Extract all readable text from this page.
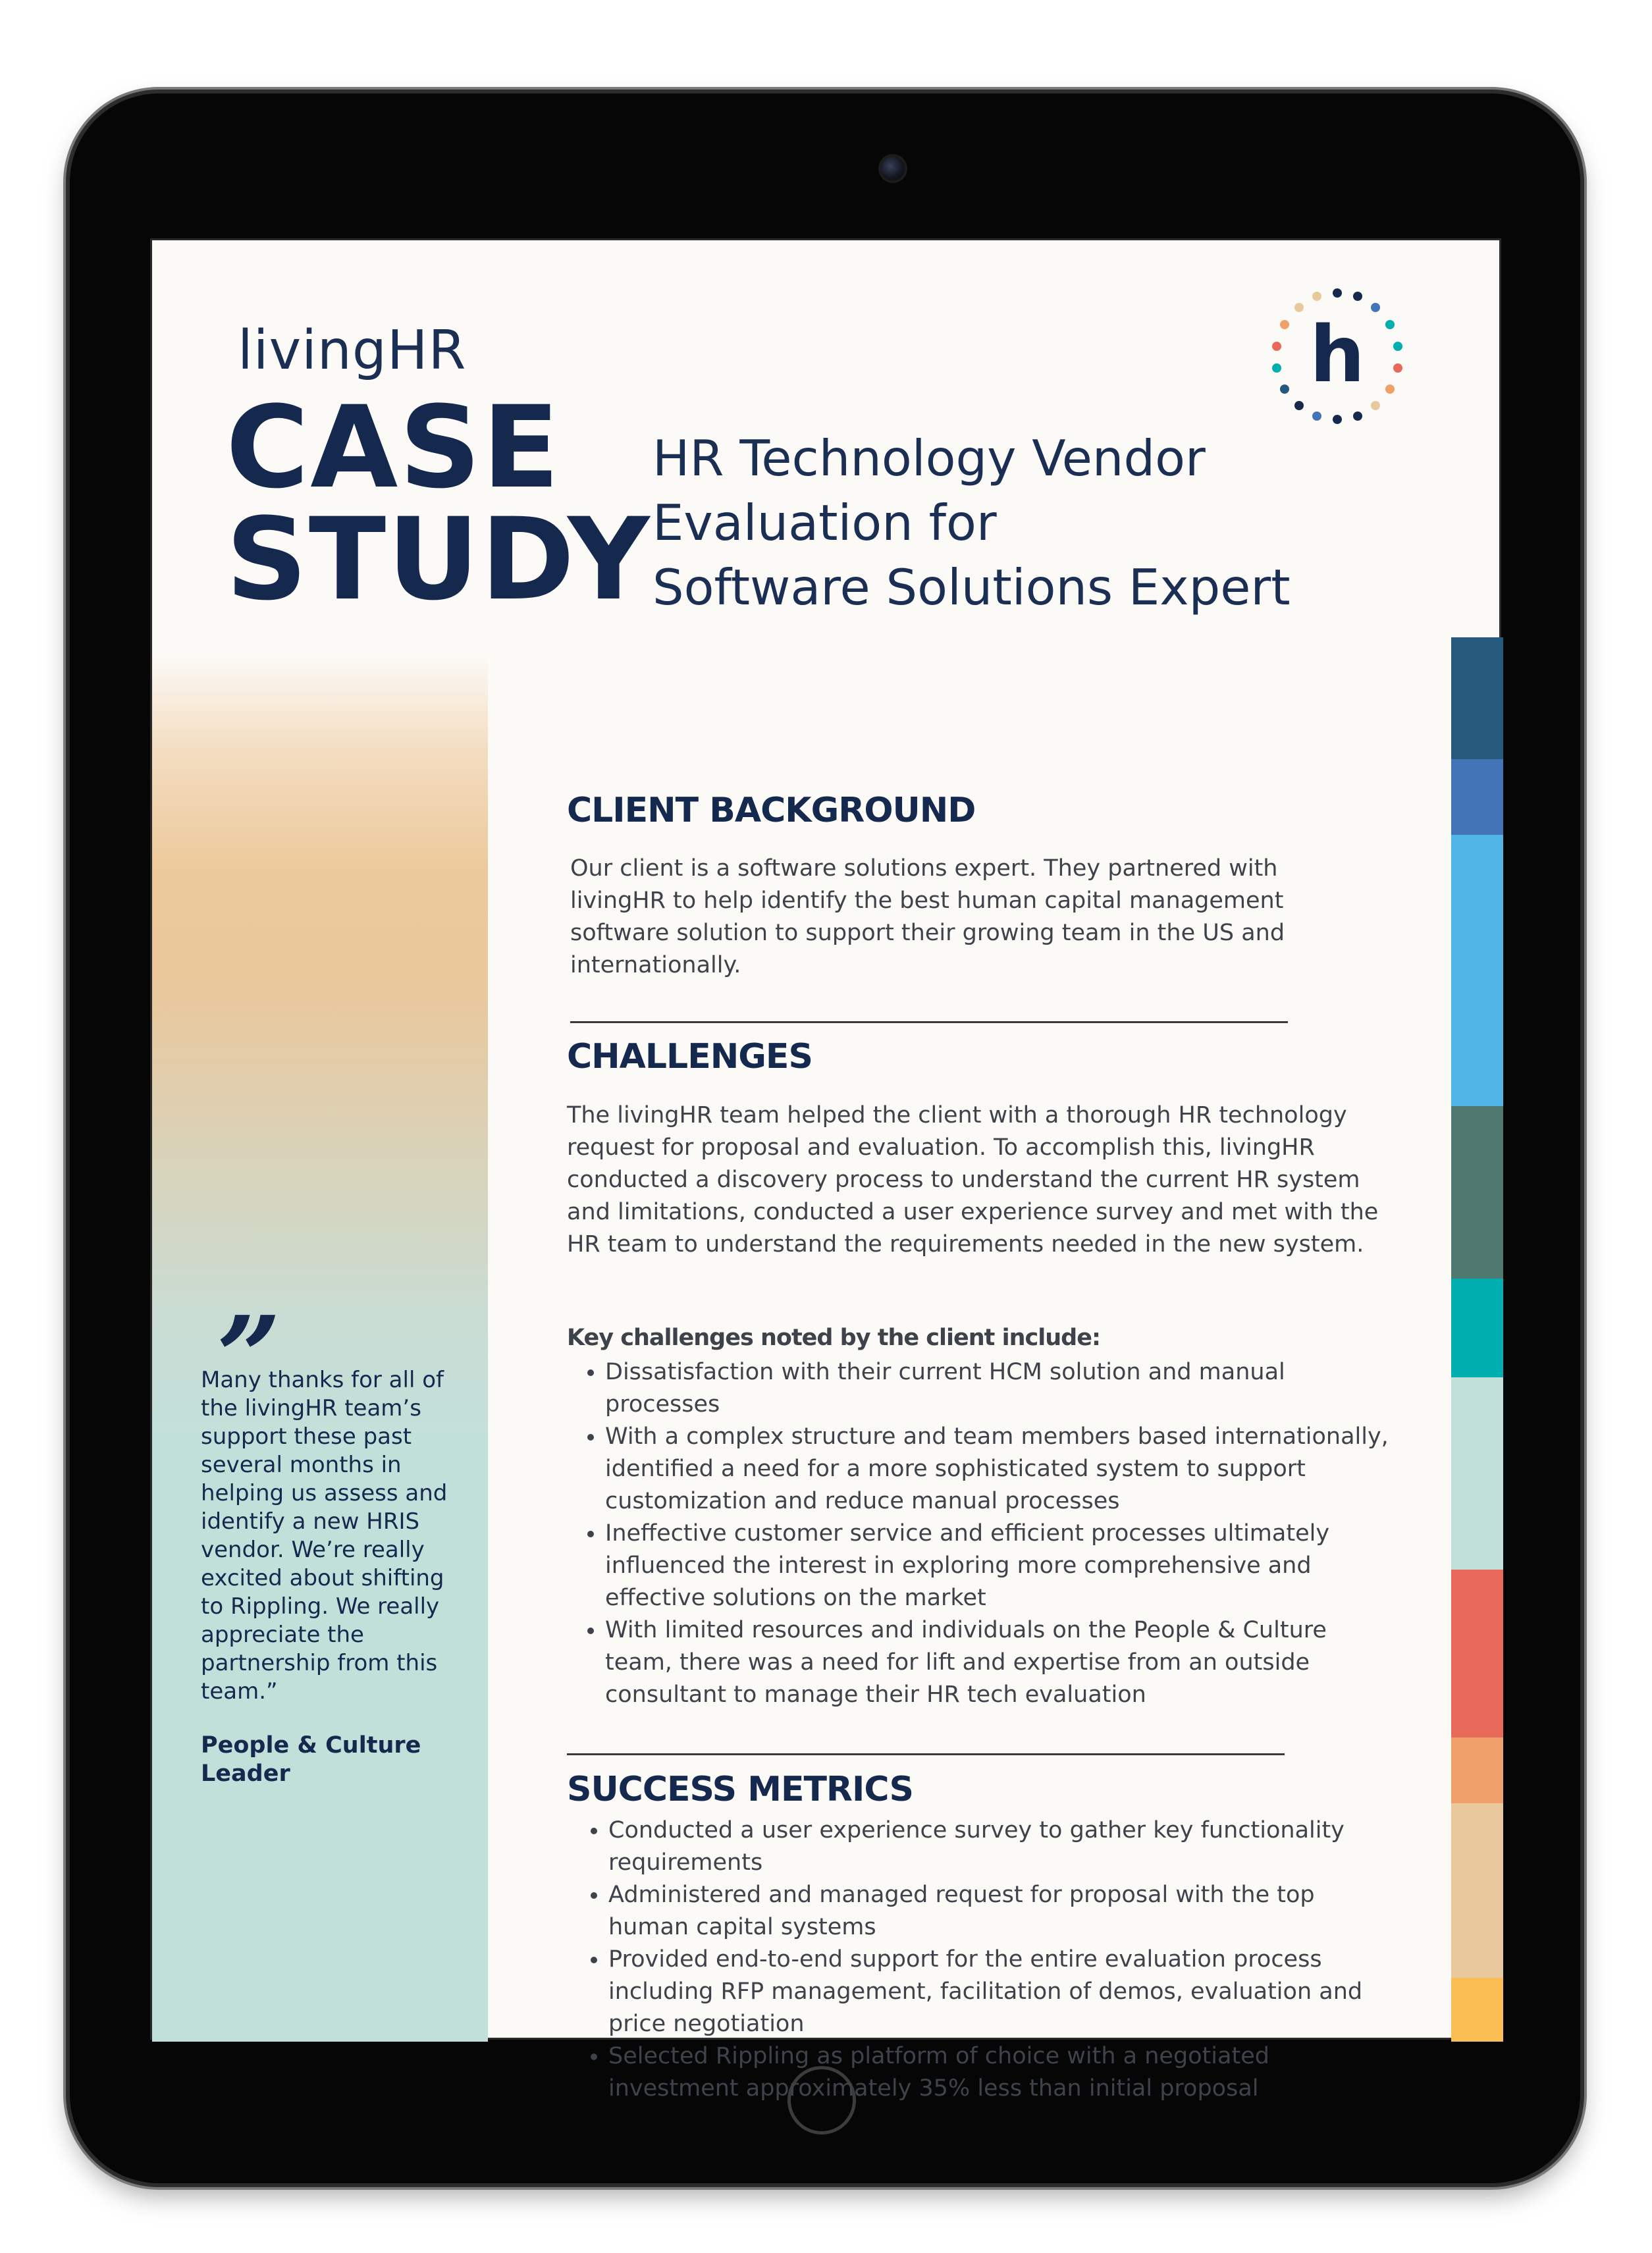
livingHR
CASE
STUDY
HR Technology Vendor
Evaluation for
Software Solutions Expert
h
CLIENT BACKGROUND

Our client is a software solutions expert. They partnered with livingHR to help identify the best human capital management software solution to support their growing team in the US and internationally.

CHALLENGES

The livingHR team helped the client with a thorough HR technology request for proposal and evaluation. To accomplish this, livingHR conducted a discovery process to understand the current HR system and limitations, conducted a user experience survey and met with the HR team to understand the requirements needed in the new system.

Key challenges noted by the client include:
• Dissatisfaction with their current HCM solution and manual processes
• With a complex structure and team members based internationally, identified a need for a more sophisticated system to support customization and reduce manual processes
• Ineffective customer service and efficient processes ultimately influenced the interest in exploring more comprehensive and effective solutions on the market
• With limited resources and individuals on the People & Culture team, there was a need for lift and expertise from an outside consultant to manage their HR tech evaluation
SUCCESS METRICS
• Conducted a user experience survey to gather key functionality requirements
• Administered and managed request for proposal with the top human capital systems
• Provided end-to-end support for the entire evaluation process including RFP management, facilitation of demos, evaluation and price negotiation
• Selected Rippling as platform of choice with a negotiated investment approximately 35% less than initial proposal
”
Many thanks for all of the livingHR team’s support these past several months in helping us assess and identify a new HRIS vendor. We’re really excited about shifting to Rippling. We really appreciate the partnership from this team.”
People & Culture Leader
